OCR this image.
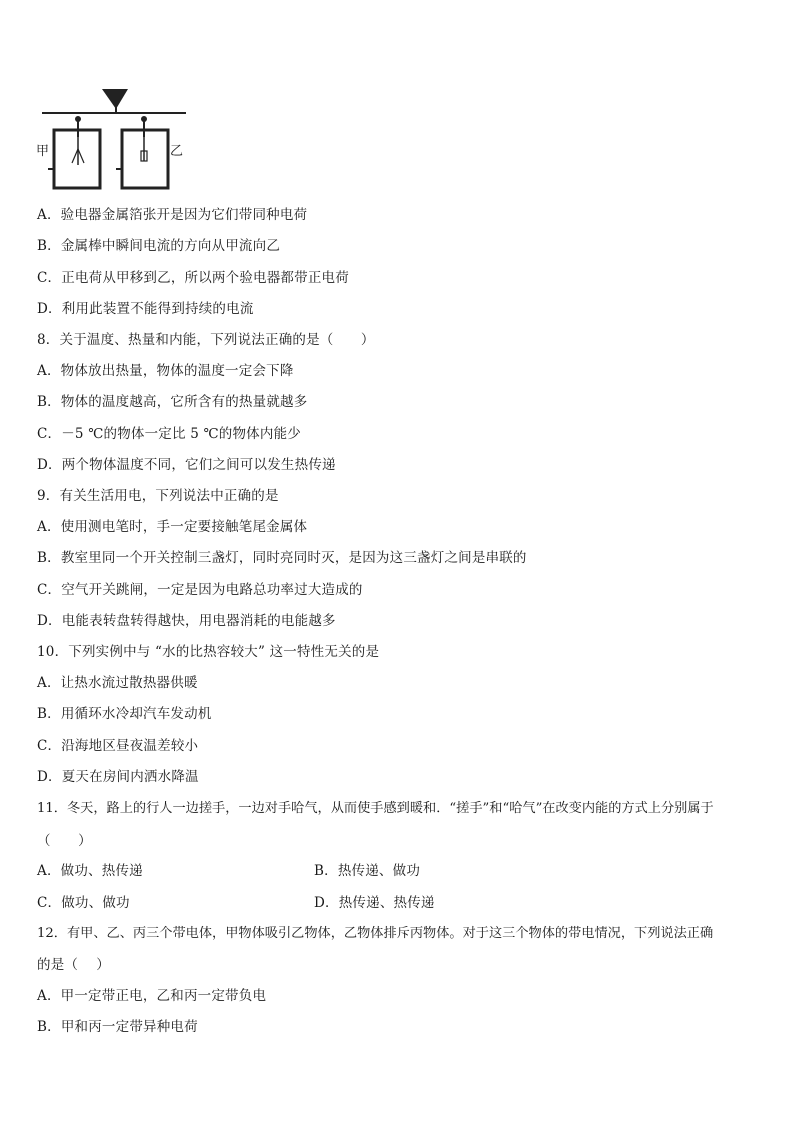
甲	乙
A．验电器金属箔张开是因为它们带同种电荷
B．金属棒中瞬间电流的方向从甲流向乙
C．正电荷从甲移到乙，所以两个验电器都带正电荷
D．利用此装置不能得到持续的电流
8．关于温度、热量和内能，下列说法正确的是（　　）
A．物体放出热量，物体的温度一定会下降
B．物体的温度越高，它所含有的热量就越多
C．－5 ℃的物体一定比 5 ℃的物体内能少
D．两个物体温度不同，它们之间可以发生热传递
9．有关生活用电，下列说法中正确的是
A．使用测电笔时，手一定要接触笔尾金属体
B．教室里同一个开关控制三盏灯，同时亮同时灭，是因为这三盏灯之间是串联的
C．空气开关跳闸，一定是因为电路总功率过大造成的
D．电能表转盘转得越快，用电器消耗的电能越多
10．下列实例中与 “水的比热容较大” 这一特性无关的是
A．让热水流过散热器供暖
B．用循环水冷却汽车发动机
C．沿海地区昼夜温差较小
D．夏天在房间内洒水降温
11．冬天，路上的行人一边搓手，一边对手哈气，从而使手感到暖和．“搓手”和“哈气”在改变内能的方式上分别属于
（　　）
A．做功、热传递	B．热传递、做功
C．做功、做功	D．热传递、热传递
12．有甲、乙、丙三个带电体，甲物体吸引乙物体，乙物体排斥丙物体。对于这三个物体的带电情况，下列说法正确
的是（　 ）
A．甲一定带正电，乙和丙一定带负电
B．甲和丙一定带异种电荷
